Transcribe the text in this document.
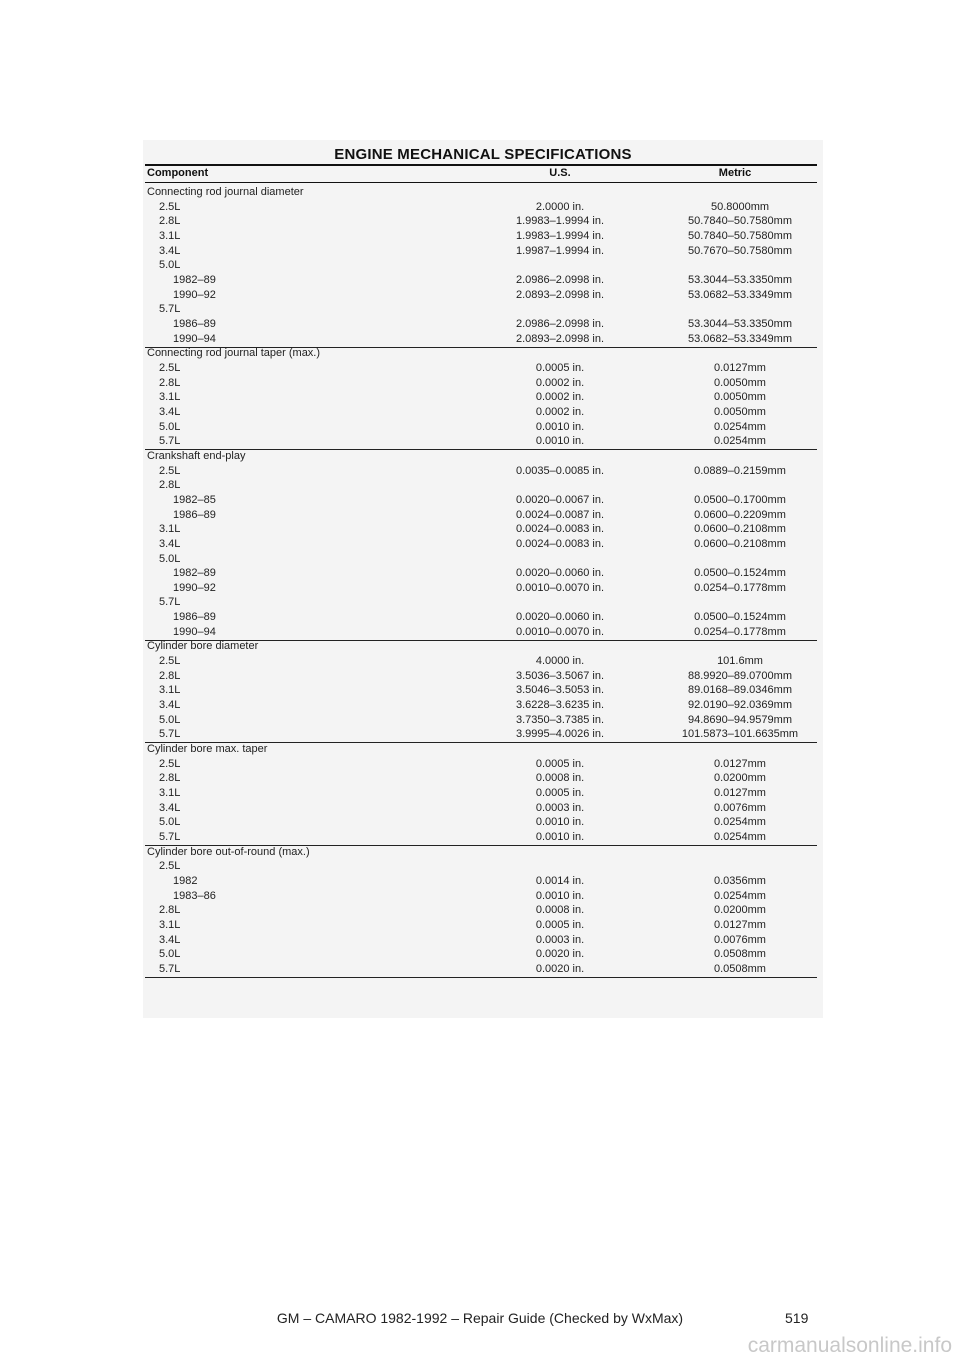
ENGINE MECHANICAL SPECIFICATIONS
Component	U.S.	Metric
Connecting rod journal diameter
2.5L	2.0000 in.	50.8000mm
2.8L	1.9983–1.9994 in.	50.7840–50.7580mm
3.1L	1.9983–1.9994 in.	50.7840–50.7580mm
3.4L	1.9987–1.9994 in.	50.7670–50.7580mm
5.0L
1982–89	2.0986–2.0998 in.	53.3044–53.3350mm
1990–92	2.0893–2.0998 in.	53.0682–53.3349mm
5.7L
1986–89	2.0986–2.0998 in.	53.3044–53.3350mm
1990–94	2.0893–2.0998 in.	53.0682–53.3349mm
Connecting rod journal taper (max.)
2.5L	0.0005 in.	0.0127mm
2.8L	0.0002 in.	0.0050mm
3.1L	0.0002 in.	0.0050mm
3.4L	0.0002 in.	0.0050mm
5.0L	0.0010 in.	0.0254mm
5.7L	0.0010 in.	0.0254mm
Crankshaft end-play
2.5L	0.0035–0.0085 in.	0.0889–0.2159mm
2.8L
1982–85	0.0020–0.0067 in.	0.0500–0.1700mm
1986–89	0.0024–0.0087 in.	0.0600–0.2209mm
3.1L	0.0024–0.0083 in.	0.0600–0.2108mm
3.4L	0.0024–0.0083 in.	0.0600–0.2108mm
5.0L
1982–89	0.0020–0.0060 in.	0.0500–0.1524mm
1990–92	0.0010–0.0070 in.	0.0254–0.1778mm
5.7L
1986–89	0.0020–0.0060 in.	0.0500–0.1524mm
1990–94	0.0010–0.0070 in.	0.0254–0.1778mm
Cylinder bore diameter
2.5L	4.0000 in.	101.6mm
2.8L	3.5036–3.5067 in.	88.9920–89.0700mm
3.1L	3.5046–3.5053 in.	89.0168–89.0346mm
3.4L	3.6228–3.6235 in.	92.0190–92.0369mm
5.0L	3.7350–3.7385 in.	94.8690–94.9579mm
5.7L	3.9995–4.0026 in.	101.5873–101.6635mm
Cylinder bore max. taper
2.5L	0.0005 in.	0.0127mm
2.8L	0.0008 in.	0.0200mm
3.1L	0.0005 in.	0.0127mm
3.4L	0.0003 in.	0.0076mm
5.0L	0.0010 in.	0.0254mm
5.7L	0.0010 in.	0.0254mm
Cylinder bore out-of-round (max.)
2.5L
1982	0.0014 in.	0.0356mm
1983–86	0.0010 in.	0.0254mm
2.8L	0.0008 in.	0.0200mm
3.1L	0.0005 in.	0.0127mm
3.4L	0.0003 in.	0.0076mm
5.0L	0.0020 in.	0.0508mm
5.7L	0.0020 in.	0.0508mm
GM – CAMARO 1982-1992 – Repair Guide (Checked by WxMax)	519
carmanualsonline.info
